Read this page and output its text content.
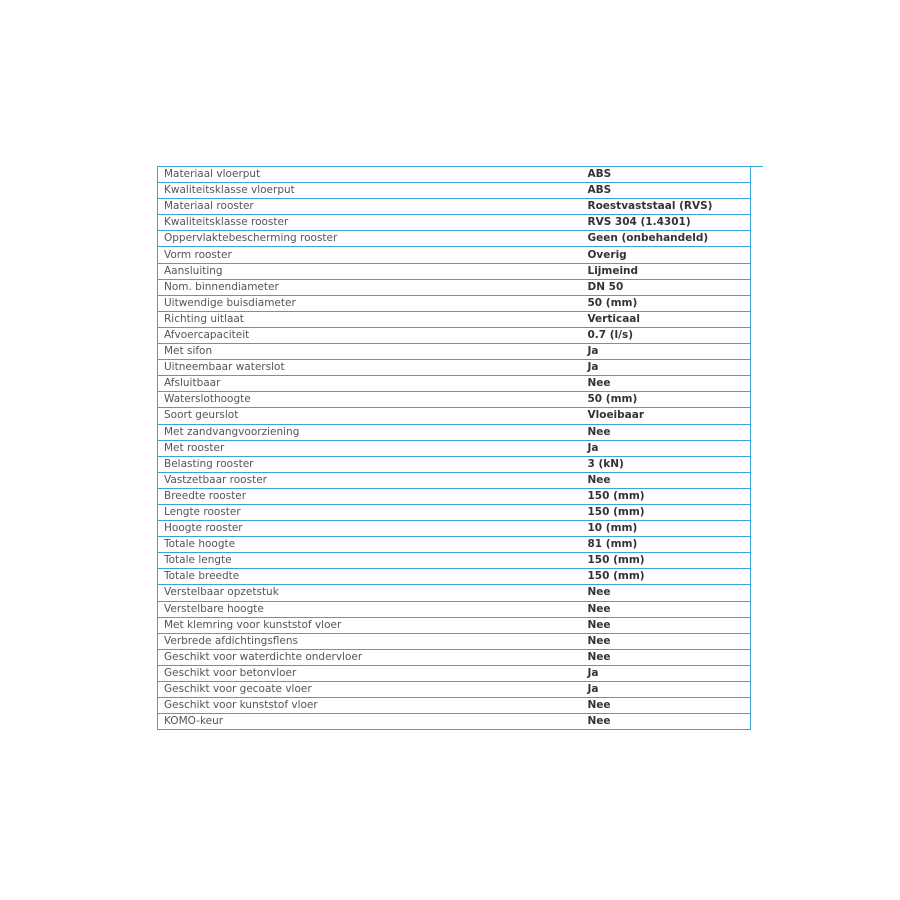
Materiaal vloerput	ABS
Kwaliteitsklasse vloerput	ABS
Materiaal rooster	Roestvaststaal (RVS)
Kwaliteitsklasse rooster	RVS 304 (1.4301)
Oppervlaktebescherming rooster	Geen (onbehandeld)
Vorm rooster	Overig
Aansluiting	Lijmeind
Nom. binnendiameter	DN 50
Uitwendige buisdiameter	50 (mm)
Richting uitlaat	Verticaal
Afvoercapaciteit	0.7 (l/s)
Met sifon	Ja
Uitneembaar waterslot	Ja
Afsluitbaar	Nee
Waterslothoogte	50 (mm)
Soort geurslot	Vloeibaar
Met zandvangvoorziening	Nee
Met rooster	Ja
Belasting rooster	3 (kN)
Vastzetbaar rooster	Nee
Breedte rooster	150 (mm)
Lengte rooster	150 (mm)
Hoogte rooster	10 (mm)
Totale hoogte	81 (mm)
Totale lengte	150 (mm)
Totale breedte	150 (mm)
Verstelbaar opzetstuk	Nee
Verstelbare hoogte	Nee
Met klemring voor kunststof vloer	Nee
Verbrede afdichtingsflens	Nee
Geschikt voor waterdichte ondervloer	Nee
Geschikt voor betonvloer	Ja
Geschikt voor gecoate vloer	Ja
Geschikt voor kunststof vloer	Nee
KOMO-keur	Nee
